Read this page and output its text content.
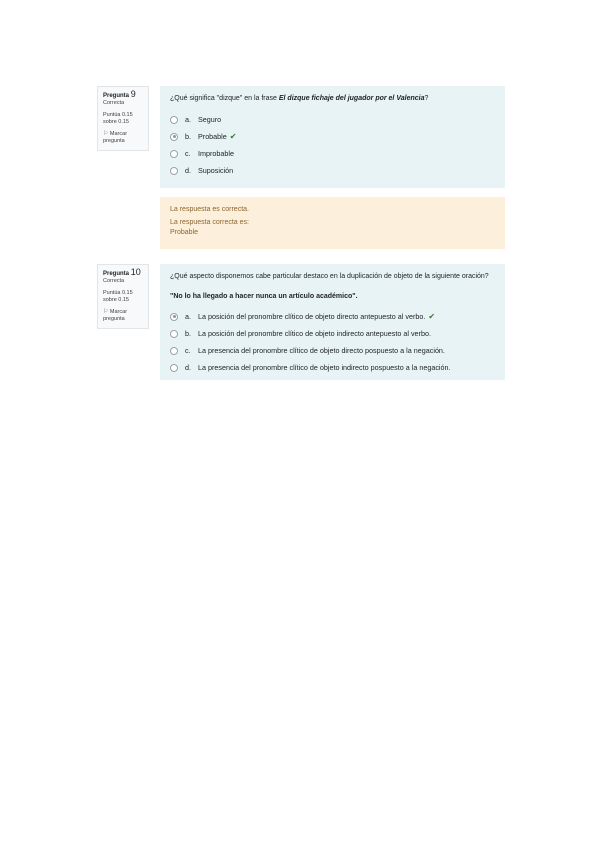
Pregunta 9
Correcta
Puntúa 0.15 sobre 0.15
⚐ Marcar pregunta
¿Qué significa "dizque" en la frase El dizque fichaje del jugador por el Valencia?
a. Seguro
b. Probable ✔
c.	Improbable
d. Suposición
La respuesta es correcta.
La respuesta correcta es:
Probable
Pregunta 10
Correcta
Puntúa 0.15 sobre 0.15
⚐ Marcar pregunta
¿Qué aspecto disponemos cabe particular destaco en la duplicación de objeto de la siguiente oración?
"No lo ha llegado a hacer nunca un artículo académico".
a. La posición del pronombre clítico de objeto directo antepuesto al verbo. ✔
b. La posición del pronombre clítico de objeto indirecto antepuesto al verbo.
c.	La presencia del pronombre clítico de objeto directo pospuesto a la negación.
d. La presencia del pronombre clítico de objeto indirecto pospuesto a la negación.
